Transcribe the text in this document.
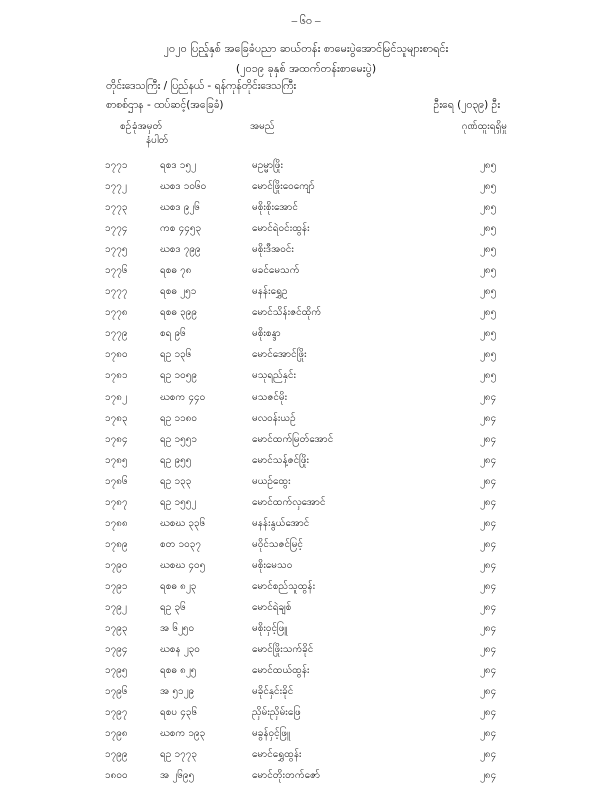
– ၆၀ –
၂၀၂၀ ပြည့်နှစ် အခြေခံပညာ ဆယ်တန်း စာမေးပွဲအောင်မြင်သူများစာရင်း
(၂၀၁၉ ခုနှစ် အထက်တန်းစာမေးပွဲ)
တိုင်းဒေသကြီး / ပြည်နယ် - ရန်ကုန်တိုင်းဒေသကြီး
စာစစ်ဌာန - ထပ်ဆင့်(အခြေခံ)	ဦးရေ (၂၀၃၉) ဦး
စဉ် ခုံအမှတ်
နံပါတ်
အမည်	ဂုဏ်ထူးရရှိမှု
၁၇၇၁	ရစဒ ၁၅၂	မဥမ္မာဖြိုး	၂၈၅
၁၇၇၂	ဃစဒ ၁၀၆၀	မောင်ဖြိုးဝေကျော်	၂၈၅
၁၇၇၃	ဃစဒ ၉၂၆	မစိုးစိုးအောင်	၂၈၅
၁၇၇၄	ကစ ၄၄၅၃	မောင်ရဲဝင်းထွန်း	၂၈၅
၁၇၇၅	ဃစဒ ၇၉၉	မစိုးဒီအဝင်း	၂၈၅
၁၇၇၆	ရစဓ ၇၈	မခင်မေသက်	၂၈၅
၁၇၇၇	ရစဓ ၂၅၁	မနန်းရွှေဥ	၂၈၅
၁၇၇၈	ရစဓ ၃၉၉	မောင်သိန်းဇင်ထိုက်	၂၈၅
၁၇၇၉	စရ ၉၆	မစိုးစန္ဒာ	၂၈၅
၁၇၈၀	ရဥ ၁၃၆	မောင်အောင်ဖြိုး	၂၈၅
၁၇၈၁	ရဥ ၁၀၅၉	မသုရည်နှင်း	၂၈၅
၁၇၈၂	ဃစက ၄၄၀	မသဇင်မိုး	၂၈၄
၁၇၈၃	ရဥ ၁၁၈၀	မလဝန်းယဉ်	၂၈၄
၁၇၈၄	ရဥ ၁၅၅၁	မောင်ထက်မြတ်အောင်	၂၈၄
၁၇၈၅	ရဥ ၉၅၅	မောင်သန့်ဇင်ဖြိုး	၂၈၄
၁၇၈၆	ရဥ ၁၃၃	မယဉ်ထွေး	၂၈၄
၁၇၈၇	ရဥ ၁၅၅၂	မောင်ထက်လှအောင်	၂၈၄
၁၇၈၈	ဃစဃ ၃၃၆	မနန်းနွယ်အောင်	၂၈၄
၁၇၈၉	စတ ၁၀၃၇	မဝိုင်သဇင်မြင့်	၂၈၄
၁၇၉၀	ဃစဃ ၄၀၅	မစိုးမေသဝ	၂၈၄
၁၇၉၁	ရစဓ ၈၂၃	မောင်စည်သူထွန်း	၂၈၄
၁၇၉၂	ရဥ ၃၆	မောင်ရဲချစ်	၂၈၄
၁၇၉၃	အ ၆၂၅၀	မစိုးဝှင့်ဖြူ	၂၈၄
၁၇၉၄	ဃစန ၂၃၀	မောင်ဖြိုးသက်ခိုင်	၂၈၄
၁၇၉၅	ရစဓ ၈၂၅	မောင်ထယ်ထွန်း	၂၈၄
၁၇၉၆	အ ၅၁၂၉	မခိုင်နှင်းခိုင်	၂၈၄
၁၇၉၇	ရစပ ၄၃၆	ညှိမ်းညှိမ်းဖြေ	၂၈၄
၁၇၉၈	ဃစက ၁၉၃	မခွန်ဝှင့်ဖြူ	၂၈၄
၁၇၉၉	ရဥ ၁၇၇၃	မောင်ရွှေထွန်း	၂၈၄
၁၈၀၀	အ ၂၆၉၅	မောင်တိုးတက်ဇော်	၂၈၄
